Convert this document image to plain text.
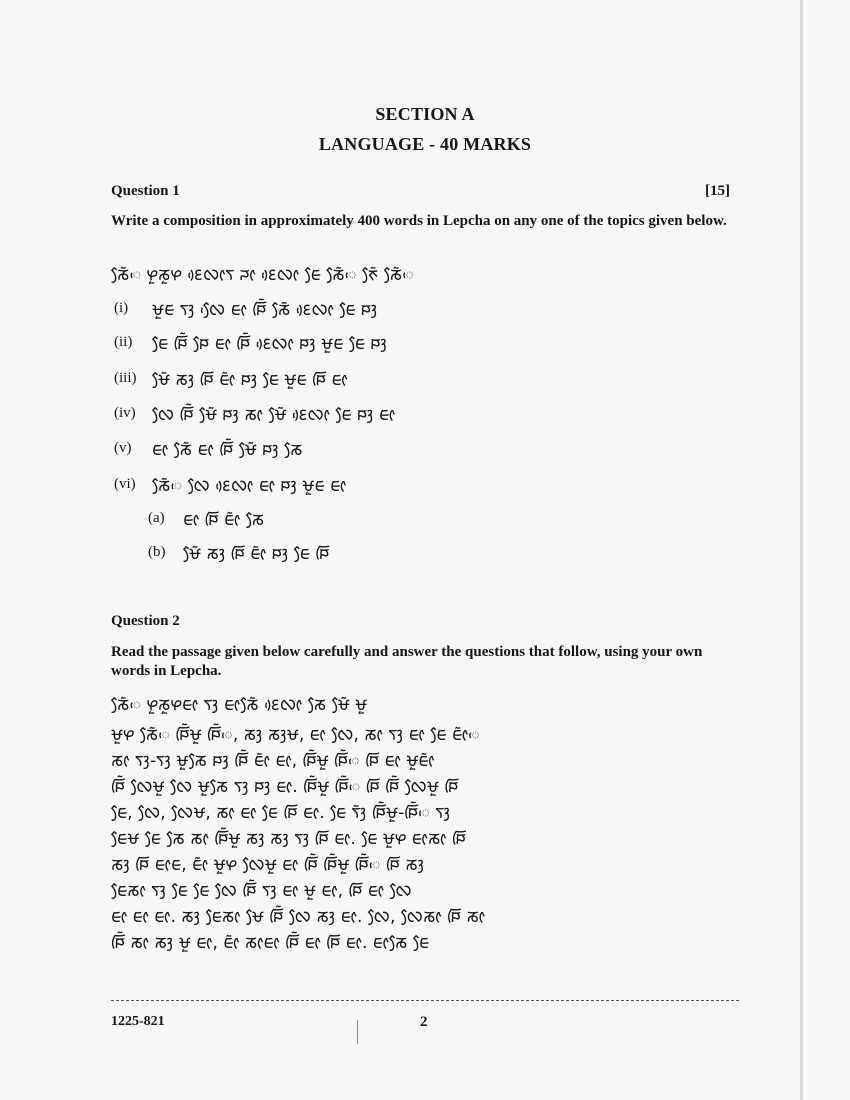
SECTION A
LANGUAGE - 40 MARKS
Question 1	[15]
Write a composition in approximately 400 words in Lepcha on any one of the topics given below.
ᰕᰧᰶᰵ ᰋᰬᰕᰬᰋ ᰚᰴᰜᰦᰛ ᰎᰦ ᰚᰴᰜᰦ ᰀᰧ ᰕᰧᰶᰵ ᰉᰧᰶ ᰕᰧᰶᰵ
(i) ᰝᰬᰀ ᰛᰫ ᰜᰧᰵ ᰀᰦ ᰐᰩᰶ ᰕᰧᰶ ᰚᰴᰜᰦ ᰀᰧ ᰐᰫ
(ii) ᰀᰧ ᰐᰩᰶ ᰐᰧ ᰀᰦ ᰐᰩᰶ ᰚᰴᰜᰦ ᰐᰫ ᰝᰬᰀ ᰀᰧ ᰐᰫ
(iii) ᰝᰧᰶ ᰕᰫ ᰐᰩ ᰀᰦᰶ ᰐᰫ ᰀᰧ ᰝᰬᰀ ᰐᰩ ᰀᰦ
(iv) ᰜᰧ ᰐᰩᰶ ᰝᰧᰶ ᰐᰫ ᰕᰦ ᰝᰧᰶ ᰚᰴᰜᰦ ᰀᰧ ᰐᰫ ᰀᰦ
(v) ᰀᰦ ᰕᰧᰶ ᰀᰦ ᰐᰩᰶ ᰝᰧᰶ ᰐᰫ ᰕᰧ
(vi) ᰕᰧᰶᰵ ᰜᰧ ᰚᰴᰜᰦ ᰀᰦ ᰐᰫ ᰝᰬᰀ ᰀᰦ
(a) ᰀᰦ ᰐᰩ ᰀᰦᰶ ᰕᰧ
(b) ᰝᰧᰶ ᰕᰫ ᰐᰩ ᰀᰦᰶ ᰐᰫ ᰀᰧ ᰐᰩ
Question 2
Read the passage given below carefully and answer the questions that follow, using your own words in Lepcha.
ᰕᰧᰶᰵ ᰋᰬᰕᰬᰋᰀᰦ ᰛᰫ ᰀᰦᰕᰧᰶ ᰚᰴᰜᰦ ᰕᰧ ᰝᰧᰶ ᰝᰬ
ᰝᰬᰋ ᰕᰧᰶᰵ ᰐᰩᰶᰝᰬ ᰐᰩᰶᰵ, ᰕᰫ ᰕᰫᰝ, ᰀᰦ ᰜᰧ, ᰕᰦ ᰛᰫ ᰀᰦ ᰀᰧ ᰀᰦᰶᰵ
ᰕᰦ ᰛᰫ-ᰛᰫ ᰝᰬᰕᰧ ᰐᰫ ᰐᰩᰶ ᰀᰦᰶ ᰀᰦ, ᰐᰩᰶᰝᰬ ᰐᰩᰶᰵ ᰐᰩ ᰀᰦ ᰝᰬᰀᰦᰶ
ᰐᰩᰶ ᰜᰧᰝᰬ ᰜᰧ ᰝᰬᰕᰧ ᰛᰫ ᰐᰫ ᰀᰦ. ᰐᰩᰶᰝᰬ ᰐᰩᰶᰵ ᰐᰩ ᰐᰩᰶ ᰜᰧᰝᰬ ᰐᰩ
ᰀᰧ, ᰜᰧ, ᰜᰧᰝ, ᰕᰦ ᰀᰦ ᰀᰧ ᰐᰩ ᰀᰦ. ᰀᰧ ᰛᰫᰶ ᰐᰩᰶᰝᰬ-ᰐᰩᰶᰵ ᰛᰫ
ᰀᰧᰝ ᰀᰧ ᰕᰧ ᰕᰦ ᰐᰩᰶᰝᰬ ᰕᰫ ᰕᰫ ᰛᰫ ᰐᰩ ᰀᰦ. ᰀᰧ ᰝᰬᰋ ᰀᰦᰕᰦ ᰐᰩ
ᰕᰫ ᰐᰩ ᰀᰦᰀ, ᰀᰦᰶ ᰝᰬᰋ ᰜᰧᰝᰬ ᰀᰦ ᰐᰩᰶ ᰐᰩᰶᰝᰬ ᰐᰩᰶᰵ ᰐᰩ ᰕᰫ
ᰀᰧᰕᰦ ᰛᰫ ᰀᰧ ᰀᰧ ᰜᰧ ᰐᰩᰶ ᰛᰫ ᰀᰦ ᰝᰬ ᰀᰦ, ᰐᰩ ᰀᰦ ᰜᰧ
ᰀᰦ ᰀᰦ ᰀᰦ. ᰕᰫ ᰀᰧᰕᰦ ᰝᰧ ᰐᰩᰶ ᰜᰧ ᰕᰫ ᰀᰦ. ᰜᰧ, ᰜᰧᰕᰦ ᰐᰩ ᰕᰦ
ᰐᰩᰶ ᰕᰦ ᰕᰫ ᰝᰬ ᰀᰦ, ᰀᰦᰶ ᰕᰦᰀᰦ ᰐᰩᰶ ᰀᰦ ᰐᰩ ᰀᰦ. ᰀᰦᰕᰧ ᰀᰧ
1225-821	2
